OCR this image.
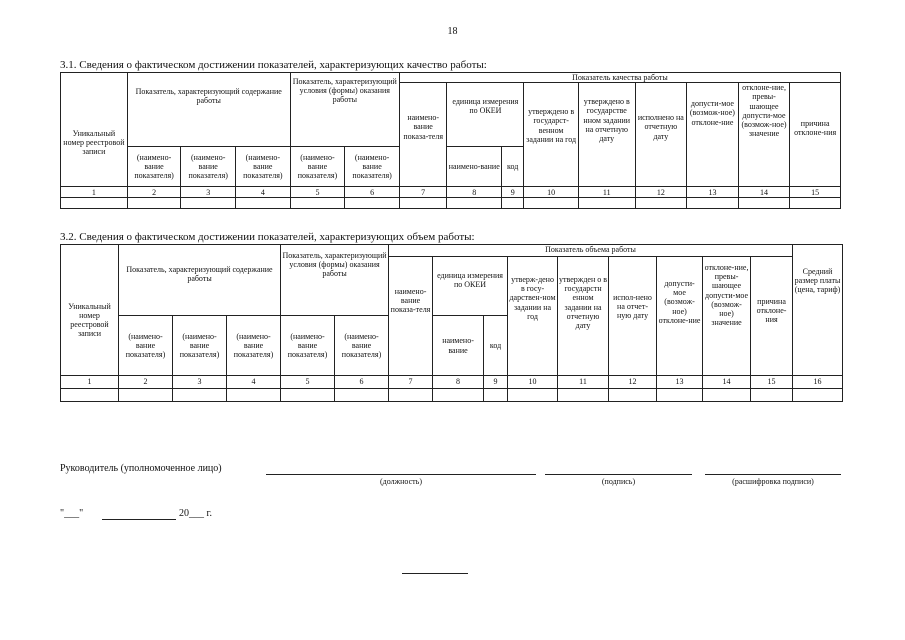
18
3.1. Сведения о фактическом достижении показателей, характеризующих качество работы:
Уникальный номер реестровой записи	Показатель, характеризующий содержание работы			Показатель, характеризующий условия (формы) оказания работы		Показатель качества работы								
						наимено-вание показа-теля	единица измерения по ОКЕИ		утверждено в государст-венном задании на год	утверждено в государстве нном задании на отчетную дату	исполнено на отчетную дату	допусти-мое (возмож-ное) отклоне-ние	отклоне-ние, превы-шающее допусти-мое (возмож-ное) значение	причина отклоне-ния
	(наимено-вание показателя)	(наимено-вание показателя)	(наимено-вание показателя)	(наимено-вание показателя)	(наимено-вание показателя)		наимено-вание	код						
1	2	3	4	5	6	7	8	9	10	11	12	13	14	15

3.2. Сведения о фактическом достижении показателей, характеризующих объем работы:
Уникальный номер реестровой записи	Показатель, характеризующий содержание работы			Показатель, характеризующий условия (формы) оказания работы		Показатель объема работы									Средний размер платы (цена, тариф)
						наимено-вание показа-теля	единица измерения по ОКЕИ		утверж-дено в госу-дарствен-ном задании на год	утвержден о в государстн енном задании на отчетную дату	испол-нено на отчет-ную дату	допусти-мое (возмож-ное) отклоне-ние	отклоне-ние, превы-шающее допусти-мое (возмож-ное) значение	причина отклоне-ния	
	(наимено-вание показателя)	(наимено-вание показателя)	(наимено-вание показателя)	(наимено-вание показателя)	(наимено-вание показателя)		наимено-вание	код							
1	2	3	4	5	6	7	8	9	10	11	12	13	14	15	16

Руководитель (уполномоченное лицо)
(должность)	(подпись)	(расшифровка подписи)
"___"	20___ г.
